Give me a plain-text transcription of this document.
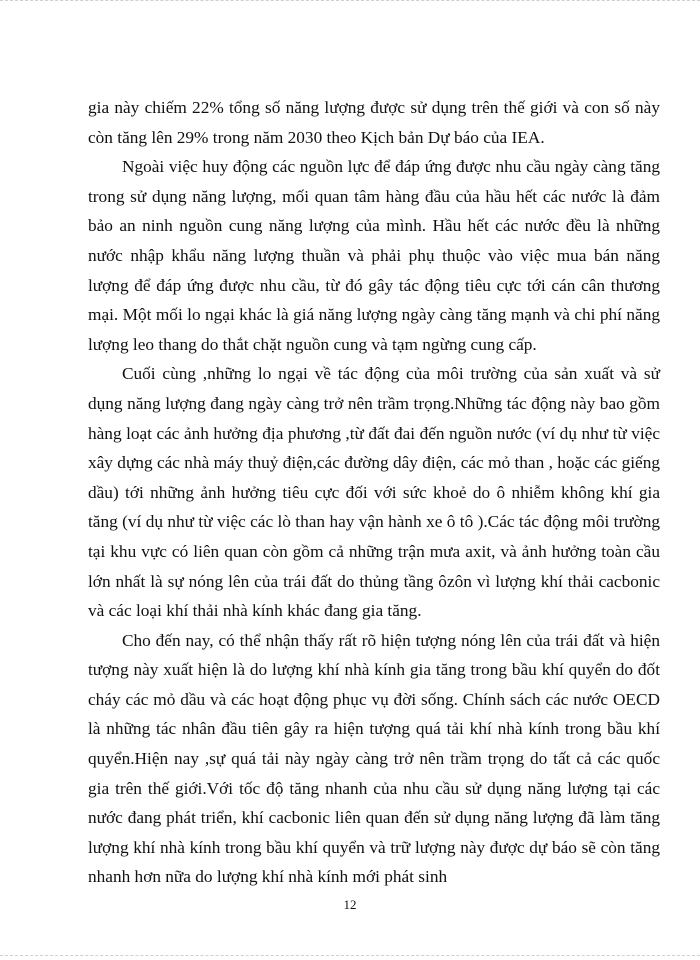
gia này chiếm 22% tổng số năng lượng được sử dụng trên thế giới và con số này còn tăng lên 29% trong năm 2030 theo Kịch bản Dự báo của IEA.

Ngoài việc huy động các nguồn lực để đáp ứng được nhu cầu ngày càng tăng trong sử dụng năng lượng, mối quan tâm hàng đầu của hầu hết các nước là đảm bảo an ninh nguồn cung năng lượng của mình. Hầu hết các nước đều là những nước nhập khẩu năng lượng thuần và phải phụ thuộc vào việc mua bán năng lượng để đáp ứng được nhu cầu, từ đó gây tác động tiêu cực tới cán cân thương mại. Một mối lo ngại khác là giá năng lượng ngày càng tăng mạnh và chi phí năng lượng leo thang do thắt chặt nguồn cung và tạm ngừng cung cấp.

Cuối cùng ,những lo ngại về tác động của môi trường của sản xuất và sử dụng năng lượng đang ngày càng trở nên trầm trọng.Những tác động này bao gồm hàng loạt các ảnh hưởng địa phương ,từ đất đai đến nguồn nước (ví dụ như từ việc xây dựng các nhà máy thuỷ điện,các đường dây điện, các mỏ than , hoặc các giếng dầu) tới những ảnh hưởng tiêu cực đối với sức khoẻ do ô nhiễm không khí gia tăng (ví dụ như từ việc các lò than hay vận hành xe ô tô ).Các tác động môi trường tại khu vực có liên quan còn gồm cả những trận mưa axit, và ảnh hưởng toàn cầu lớn nhất là sự nóng lên của trái đất do thủng tầng ôzôn vì lượng khí thải cacbonic và các loại khí thải nhà kính khác đang gia tăng.

Cho đến nay, có thể nhận thấy rất rõ hiện tượng nóng lên của trái đất và hiện tượng này xuất hiện là do lượng khí nhà kính gia tăng trong bầu khí quyển do đốt cháy các mỏ dầu và các hoạt động phục vụ đời sống. Chính sách các nước OECD là những tác nhân đầu tiên gây ra hiện tượng quá tải khí nhà kính trong bầu khí quyển.Hiện nay ,sự quá tải này ngày càng trở nên trầm trọng do tất cả các quốc gia trên thế giới.Với tốc độ tăng nhanh của nhu cầu sử dụng năng lượng tại các nước đang phát triển, khí cacbonic liên quan đến sử dụng năng lượng đã làm tăng lượng khí nhà kính trong bầu khí quyển và trữ lượng này được dự báo sẽ còn tăng nhanh hơn nữa do lượng khí nhà kính mới phát sinh

12
